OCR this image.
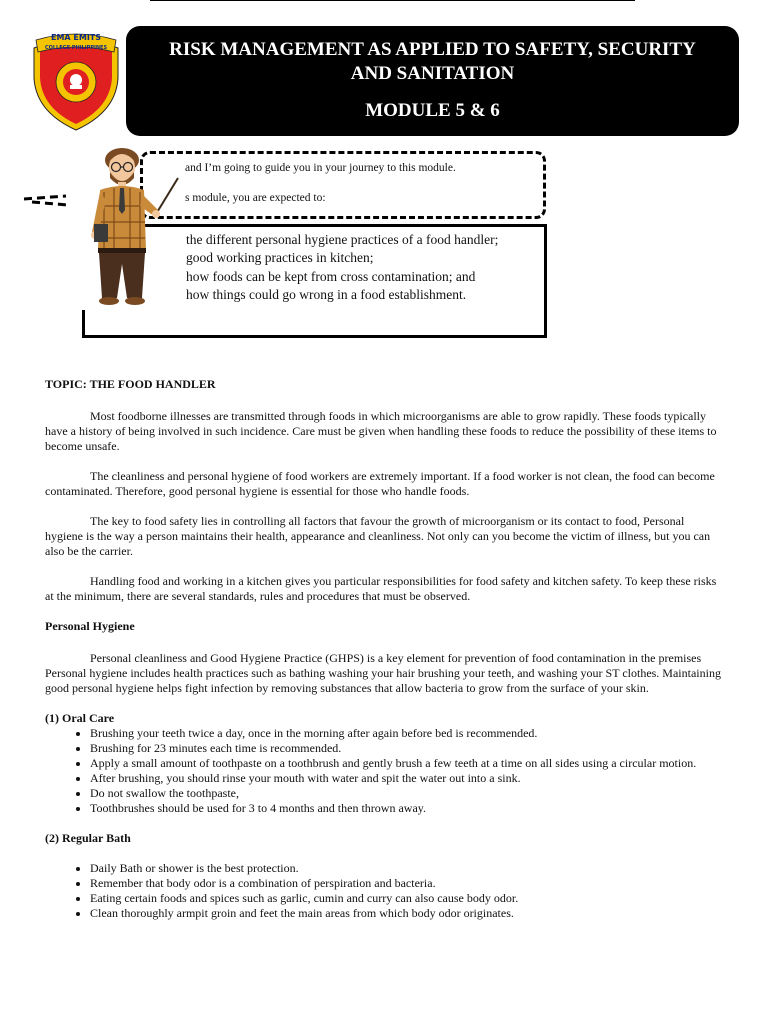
EMA EMITS
COLLEGE PHILIPPINES	RISK MANAGEMENT AS APPLIED TO SAFETY, SECURITY
AND SANITATION
MODULE 5 & 6
and I’m going to guide you in your journey to this module.
s module, you are expected to:
the different personal hygiene practices of a food handler;
good working practices in kitchen;
how foods can be kept from cross contamination; and
how things could go wrong in a food establishment.

TOPIC: THE FOOD HANDLER

Most foodborne illnesses are transmitted through foods in which microorganisms are able to grow rapidly. These foods typically have a history of being involved in such incidence. Care must be given when handling these foods to reduce the possibility of these items to become unsafe.

The cleanliness and personal hygiene of food workers are extremely important. If a food worker is not clean, the food can become contaminated. Therefore, good personal hygiene is essential for those who handle foods.

The key to food safety lies in controlling all factors that favour the growth of microorganism or its contact to food, Personal hygiene is the way a person maintains their health, appearance and cleanliness. Not only can you become the victim of illness, but you can also be the carrier.

Handling food and working in a kitchen gives you particular responsibilities for food safety and kitchen safety. To keep these risks at the minimum, there are several standards, rules and procedures that must be observed.

Personal Hygiene

Personal cleanliness and Good Hygiene Practice (GHPS) is a key element for prevention of food contamination in the premises Personal hygiene includes health practices such as bathing washing your hair brushing your teeth, and washing your ST clothes. Maintaining good personal hygiene helps fight infection by removing substances that allow bacteria to grow from the surface of your skin.

(1) Oral Care

• Brushing your teeth twice a day, once in the morning after again before bed is recommended.
• Brushing for 23 minutes each time is recommended.
• Apply a small amount of toothpaste on a toothbrush and gently brush a few teeth at a time on all sides using a circular motion.
• After brushing, you should rinse your mouth with water and spit the water out into a sink.
• Do not swallow the toothpaste,
• Toothbrushes should be used for 3 to 4 months and then thrown away.

(2) Regular Bath

• Daily Bath or shower is the best protection.
• Remember that body odor is a combination of perspiration and bacteria.
• Eating certain foods and spices such as garlic, cumin and curry can also cause body odor.
• Clean thoroughly armpit groin and feet the main areas from which body odor originates.
